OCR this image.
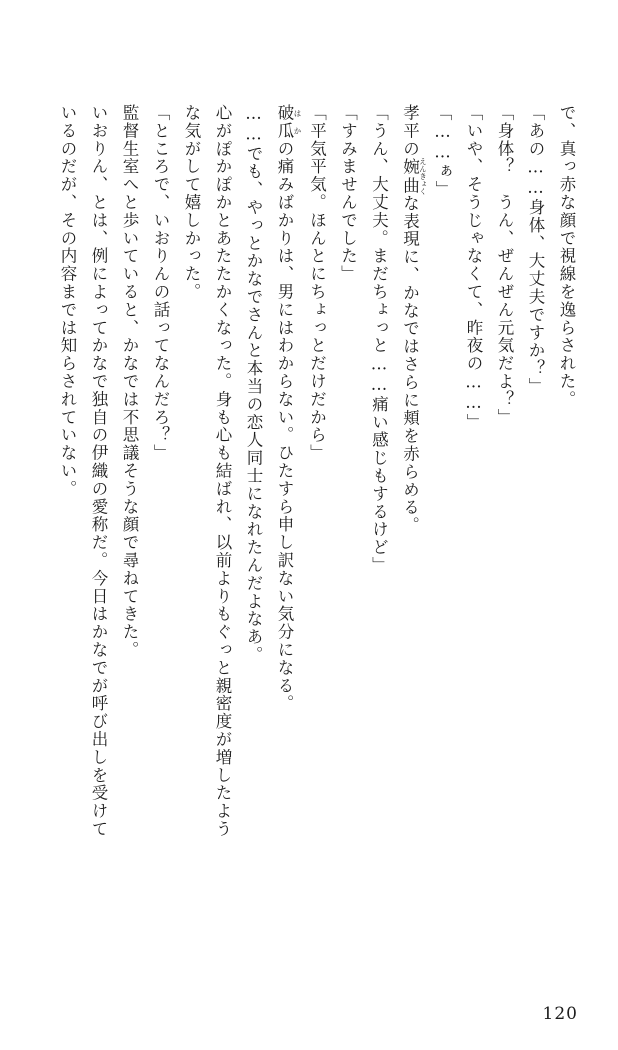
で、真っ赤な顔で視線を逸らされた。

「あの……身体、大丈夫ですか？」

「身体？　うん、ぜんぜん元気だよ？」

「いや、そうじゃなくて、昨夜の……」

「……ぁ」

孝平の婉曲 えんきょくな表現に、かなではさらに頬を赤らめる。

「うん、大丈夫。まだちょっと……痛い感じもするけど」

「すみませんでした」

「平気平気。ほんとにちょっとだけだから」

破瓜 はかの痛みばかりは、男にはわからない。ひたすら申し訳ない気分になる。

……でも、やっとかなでさんと本当の恋人同士になれたんだよなあ。

心がぽかぽかとあたたかくなった。身も心も結ばれ、以前よりもぐっと親密度が増したよう

な気がして嬉しかった。

「ところで、いおりんの話ってなんだろ？」

監督生室へと歩いていると、かなでは不思議そうな顔で尋ねてきた。

いおりん、とは、例によってかなで独自の伊織の愛称だ。今日はかなでが呼び出しを受けて

いるのだが、その内容までは知らされていない。

120
